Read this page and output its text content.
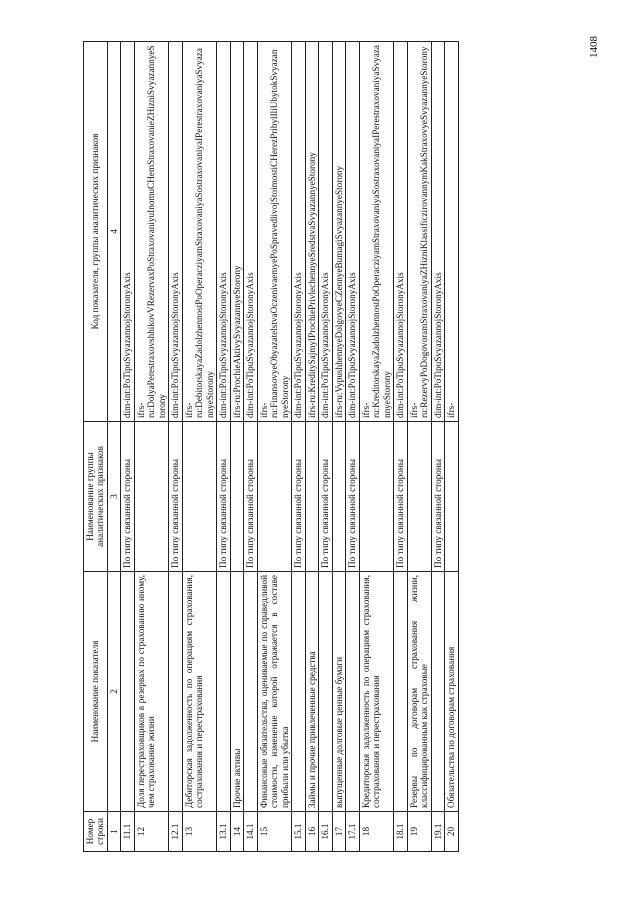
1408
Номер строки	Наименование показателя	Наименование группы аналитических признаков	Код показателя, группы аналитических признаков
1	2	3	4
11.1		По типу связанной стороны	dim-int:PoTipuSvyazannojStoronyAxis
12	Доля перестраховщиков в резервах по страхованию иному, чем страхование жизни		ifrs-ru:DolyaPerestraxovshhikovVRezervaxPoStraxovaniyuInomuCHemStraxovanieZHizniSvyazannyeStorony
12.1		По типу связанной стороны	dim-int:PoTipuSvyazannojStoronyAxis
13	Дебиторская задолженность по операциям страхования, сострахования и перестрахования		ifrs-ru:DebitorskayaZadolzhennostPoOperacziyamStraxovaniyaSostraxovaniyaIPerestraxovaniyaSvyazannyeStorony
13.1		По типу связанной стороны	dim-int:PoTipuSvyazannojStoronyAxis
14	Прочие активы		ifrs-ru:ProchieAktivySvyazannyeStorony
14.1		По типу связанной стороны	dim-int:PoTipuSvyazannojStoronyAxis
15	Финансовые обязательства, оцениваемые по справедливой стоимости, изменение которой отражается в составе прибыли или убытка		ifrs-ru:FinansovyeObyazatelstvaOczenivaemyePoSpravedlivojStoimostiCHerezPribylIliUbytokSvyazannyeStorony
15.1		По типу связанной стороны	dim-int:PoTipuSvyazannojStoronyAxis
16	Займы и прочие привлеченные средства		ifrs-ru:KreditySajmyIProchiePrivlechennyeSredstvaSvyazannyeStorony
16.1		По типу связанной стороны	dim-int:PoTipuSvyazannojStoronyAxis
17	выпущенные долговые ценные бумаги		ifrs-ru:VypushhennyeDolgovyeCZennyeBumagiSvyazannyeStorony
17.1		По типу связанной стороны	dim-int:PoTipuSvyazannojStoronyAxis
18	Кредиторская задолженность по операциям страхования, сострахования и перестрахования		ifrs-ru:KreditorskayaZadolzhennostPoOperacziyamStraxovaniyaSostraxovaniyaIPerestraxovaniyaSvyazannyeStorony
18.1		По типу связанной стороны	dim-int:PoTipuSvyazannojStoronyAxis
19	Резервы по договорам страхования жизни, классифицированным как страховые		ifrs-ru:RezervyPoDogovoramStraxovaniyaZHizniKlassificzirovannymKakStraxovyeSvyazannyeStorony
19.1		По типу связанной стороны	dim-int:PoTipuSvyazannojStoronyAxis
20	Обязательства по договорам страхования		ifrs-
